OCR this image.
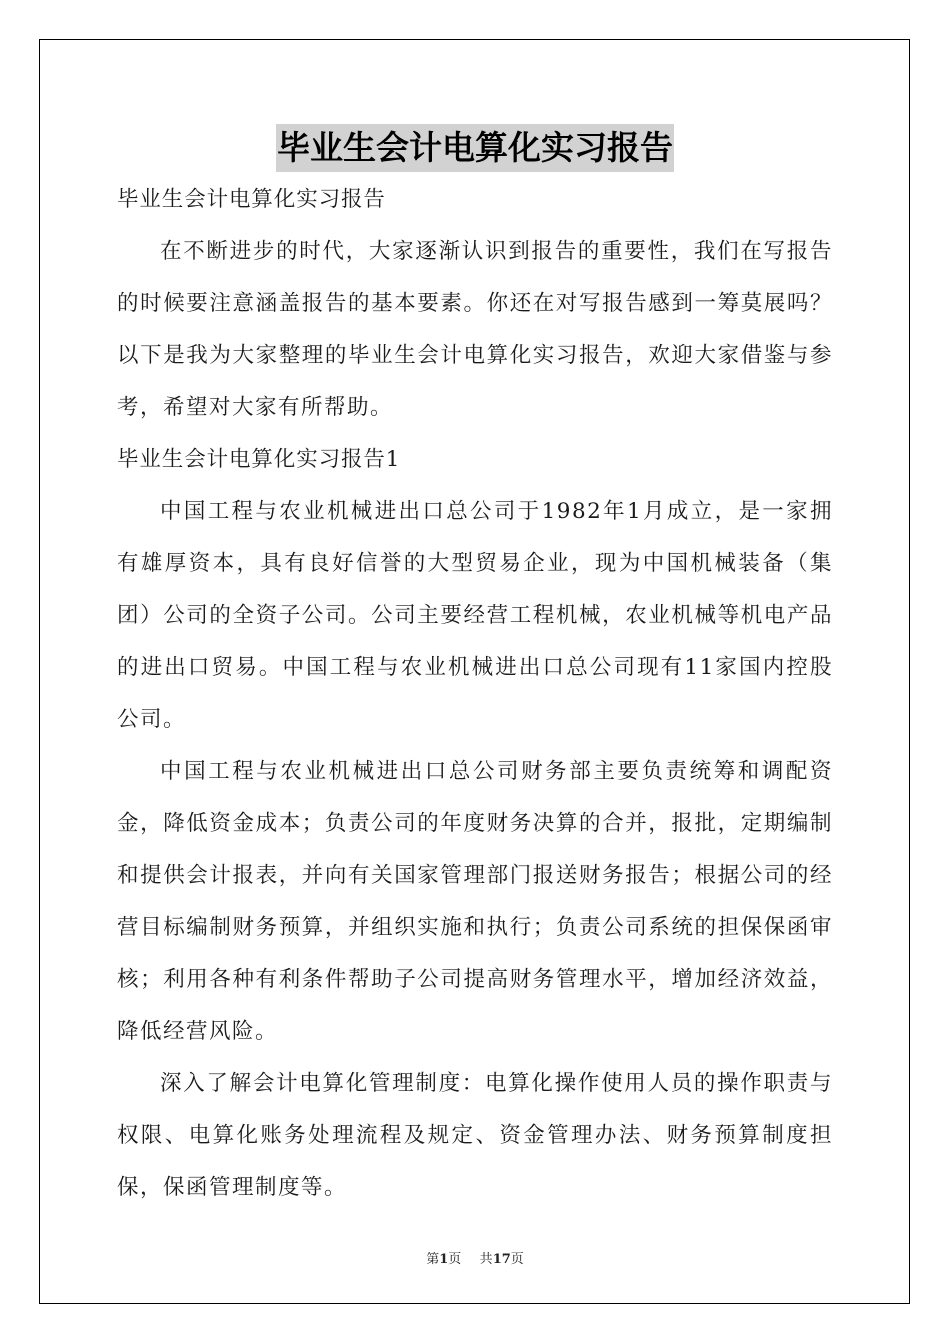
毕业生会计电算化实习报告
毕业生会计电算化实习报告

在不断进步的时代，大家逐渐认识到报告的重要性，我们在写报告的时候要注意涵盖报告的基本要素。你还在对写报告感到一筹莫展吗？以下是我为大家整理的毕业生会计电算化实习报告，欢迎大家借鉴与参考，希望对大家有所帮助。

毕业生会计电算化实习报告1

中国工程与农业机械进出口总公司于1982年1月成立，是一家拥有雄厚资本，具有良好信誉的大型贸易企业，现为中国机械装备（集团）公司的全资子公司。公司主要经营工程机械，农业机械等机电产品的进出口贸易。中国工程与农业机械进出口总公司现有11家国内控股公司。

中国工程与农业机械进出口总公司财务部主要负责统筹和调配资金，降低资金成本；负责公司的年度财务决算的合并，报批，定期编制和提供会计报表，并向有关国家管理部门报送财务报告；根据公司的经营目标编制财务预算，并组织实施和执行；负责公司系统的担保保函审核；利用各种有利条件帮助子公司提高财务管理水平，增加经济效益，降低经营风险。

深入了解会计电算化管理制度：电算化操作使用人员的操作职责与权限、电算化账务处理流程及规定、资金管理办法、财务预算制度担保，保函管理制度等。

第1页 共17页
